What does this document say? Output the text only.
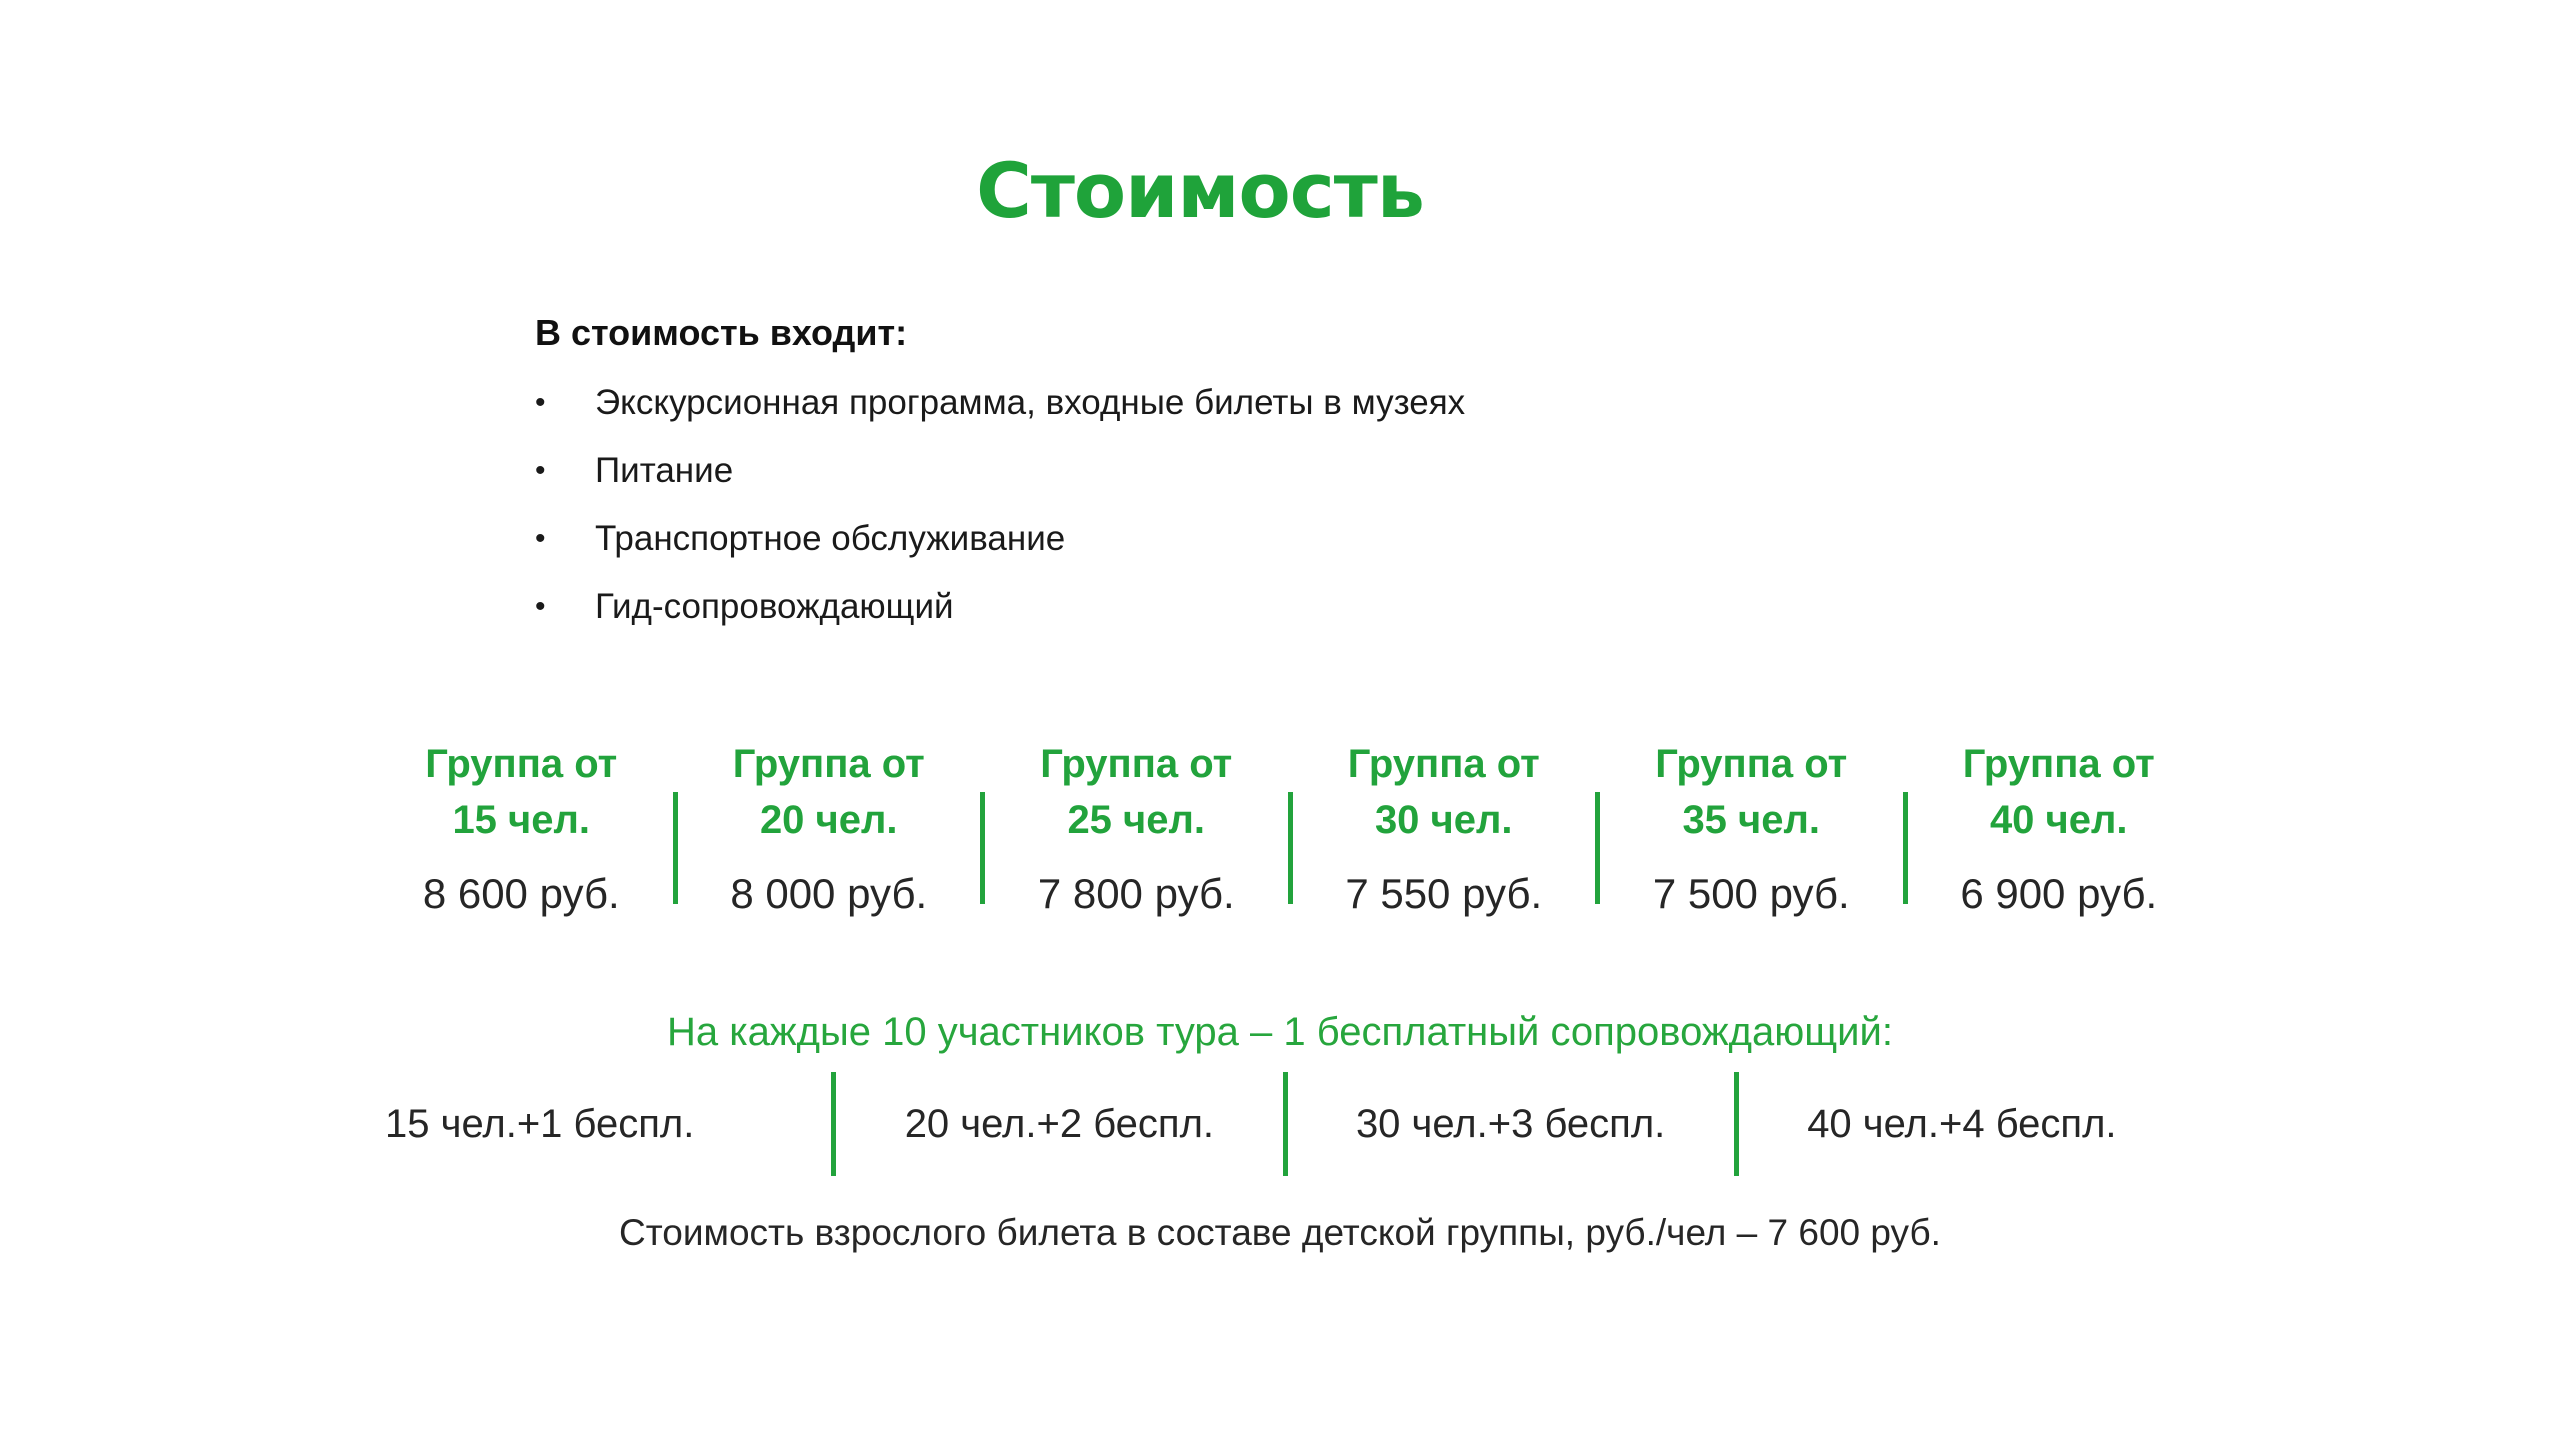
Стоимость
В стоимость входит:
• Экскурсионная программа, входные билеты в музеях
• Питание
• Транспортное обслуживание
• Гид-сопровождающий
Группа от
15 чел.
8 600 руб.
Группа от
20 чел.
8 000 руб.
Группа от
25 чел.
7 800 руб.
Группа от
30 чел.
7 550 руб.
Группа от
35 чел.
7 500 руб.
Группа от
40 чел.
6 900 руб.
На каждые 10 участников тура – 1 бесплатный сопровождающий:
15 чел.+1 беспл.	20 чел.+2 беспл.	30 чел.+3 беспл.	40 чел.+4 беспл.
Стоимость взрослого билета в составе детской группы, руб./чел – 7 600 руб.
